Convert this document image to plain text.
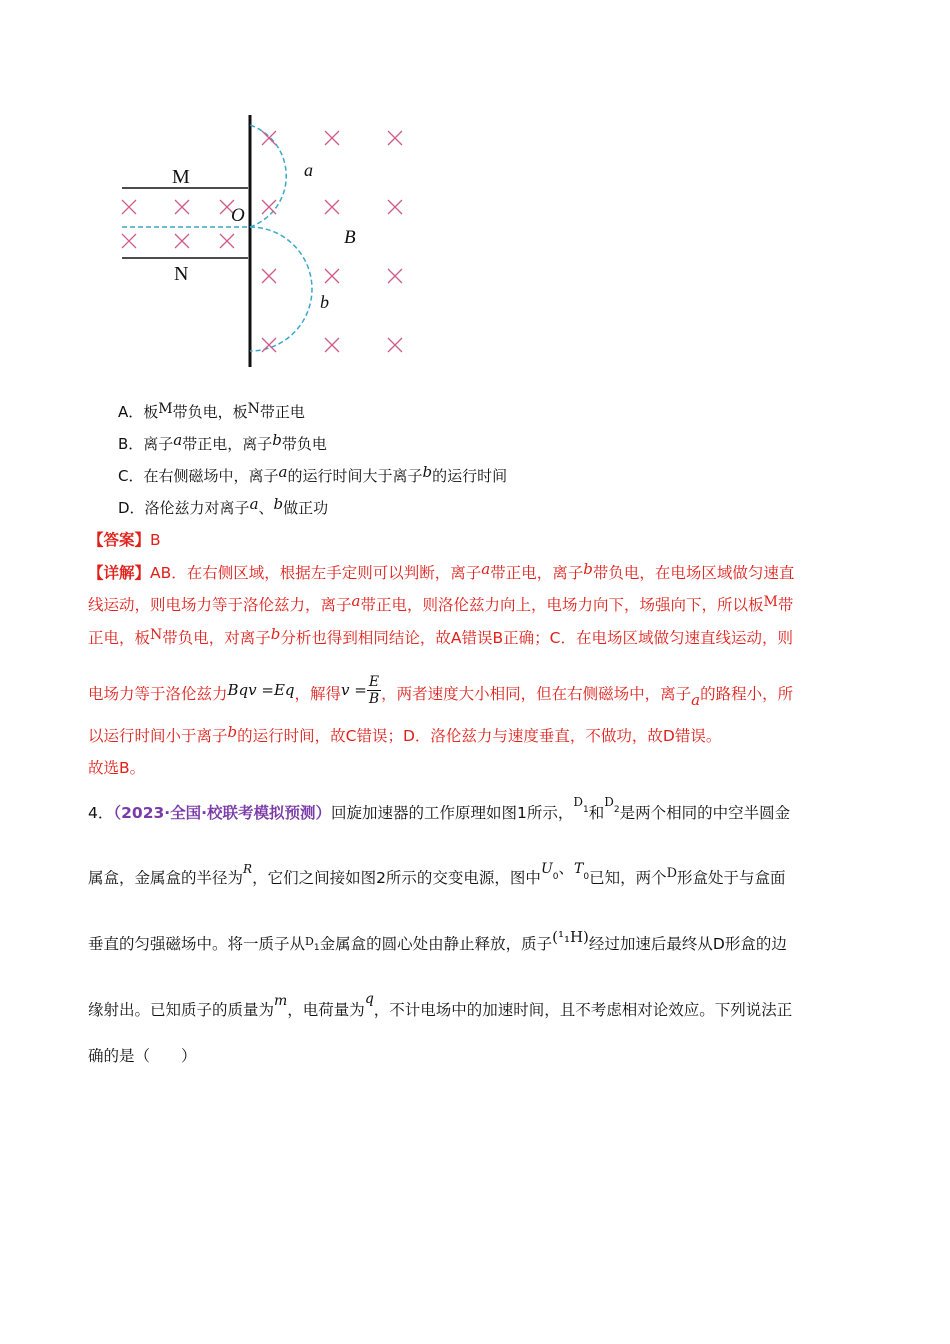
M
N
O
B
a
b
A．板M带负电，板N带正电
B．离子a带正电，离子b带负电
C．在右侧磁场中，离子a的运行时间大于离子b的运行时间
D．洛伦兹力对离子a、b做正功
【答案】B
【详解】AB．在右侧区域，根据左手定则可以判断，离子a带正电，离子b带负电，在电场区域做匀速直
线运动，则电场力等于洛伦兹力，离子a带正电，则洛伦兹力向上，电场力向下，场强向下，所以板M带
正电，板N带负电，对离子b分析也得到相同结论，故A错误B正确；C．在电场区域做匀速直线运动，则
电场力等于洛伦兹力Bqv =Eq，解得$v = \frac{E}{B}$ ，两者速度大小相同，但在右侧磁场中，离子a的路程小，所
以运行时间小于离子b的运行时间，故C错误；D．洛伦兹力与速度垂直，不做功，故D错误。
故选B。
4．（2023·全国·校联考模拟预测）回旋加速器的工作原理如图1所示，$^D_1$和$^D_2$是两个相同的中空半圆金
属盒，金属盒的半径为$^R$，它们之间接如图2所示的交变电源，图中$U_0$、$T_0$已知，两个$^D$形盒处于与盒面
垂直的匀强磁场中。将一质子从$^D_1$金属盒的圆心处由静止释放，质子(¹₁H)经过加速后最终从D形盒的边
缘射出。已知质子的质量为m，电荷量为q，不计电场中的加速时间，且不考虑相对论效应。下列说法正
确的是（　　）
